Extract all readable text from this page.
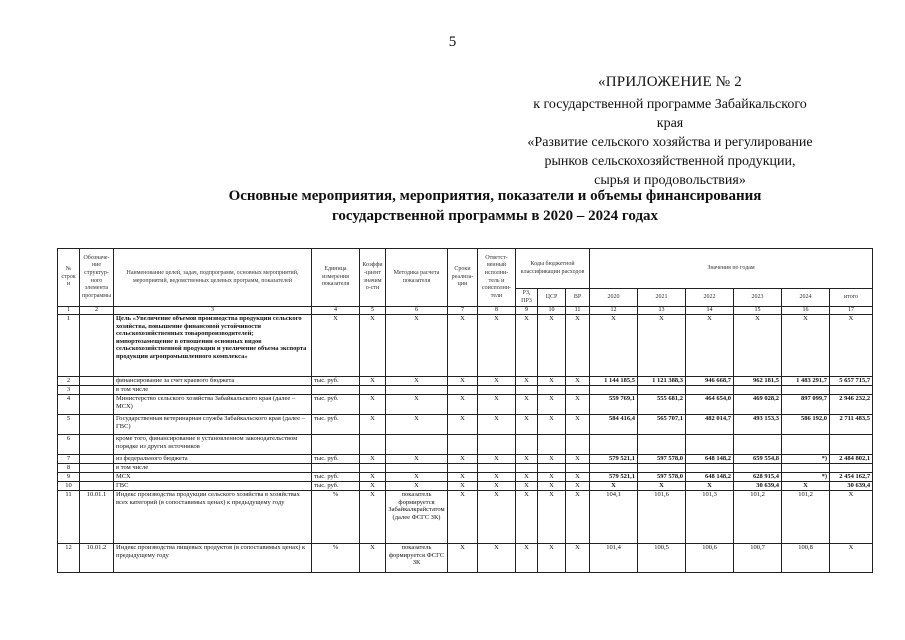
5
«ПРИЛОЖЕНИЕ № 2
к государственной программе Забайкальского края
«Развитие сельского хозяйства и регулирование
рынков сельскохозяйственной продукции,
сырья и продовольствия»
Основные мероприятия, мероприятия, показатели и объемы финансирования
государственной программы в 2020 – 2024 годах
№ строки	Обозначе-ние структур-ного элемента программы	Наименование целей, задач, подпрограмм, основных мероприятий, мероприятий, ведомственных целевых программ, показателей	Единица измерения показателя	Коэффи-циент значимо-сти	Методика расчета показателя	Сроки реализа-ции	Ответст-венный исполни-тель и соисполни-тели	Коды бюджетной классификации расходов			Значения по годам					
								РЗ, ПР3	ЦСР	ВР	2020	2021	2022	2023	2024	итого
1	2	3	4	5	6	7	8	9	10	11	12	13	14	15	16	17
1		Цель «Увеличение объемов производства продукции сельского хозяйства, повышение финансовой устойчивости сельскохозяйственных товаропроизводителей; импортозамещение в отношении основных видов сельскохозяйственной продукции и увеличение объема экспорта продукции агропромышленного комплекса»	Х	Х	Х	Х	Х	Х	Х	Х	Х	Х	Х	Х	Х	Х
2		финансирование за счет краевого бюджета	тыс. руб.	Х	Х	Х	Х	Х	Х	Х	1 144 185,5	1 121 388,3	946 668,7	962 181,5	1 483 291,7	5 657 715,7
3		в том числе														
4		Министерство сельского хозяйства Забайкальского края (далее – МСХ)	тыс. руб.	Х	Х	Х	Х	Х	Х	Х	559 769,1	555 681,2	464 654,0	469 028,2	897 099,7	2 946 232,2
5		Государственная ветеринарная служба Забайкальского края (далее – ГВС)	тыс. руб.	Х	Х	Х	Х	Х	Х	Х	584 416,4	565 707,1	482 014,7	493 153,3	586 192,0	2 711 483,5
6		кроме того, финансирование в установленном законодательством порядке из других источников														
7		из федерального бюджета	тыс. руб.	Х	Х	Х	Х	Х	Х	Х	579 521,1	597 578,0	648 148,2	659 554,8	*)	2 484 802,1
8		в том числе														
9		МСХ	тыс. руб.	Х	Х	Х	Х	Х	Х	Х	579 521,1	597 578,0	648 148,2	628 915,4	*)	2 454 162,7
10		ГВС	тыс. руб.	Х	Х	Х	Х	Х	Х	Х	Х	Х	Х	30 639,4	Х	30 639,4
11	10.01.1	Индекс производства продукции сельского хозяйства в хозяйствах всех категорий (в сопоставимых ценах) к предыдущему году	%	Х	показатель формируется Забайкалкрайстатом (далее ФСГС ЗК)	Х	Х	Х	Х	Х	104,1	101,6	101,3	101,2	101,2	Х
12	10.01.2	Индекс производства пищевых продуктов (в сопоставимых ценах) к предыдущему году	%	Х	показатель формируется ФСГС ЗК	Х	Х	Х	Х	Х	101,4	100,5	100,6	100,7	100,8	Х
